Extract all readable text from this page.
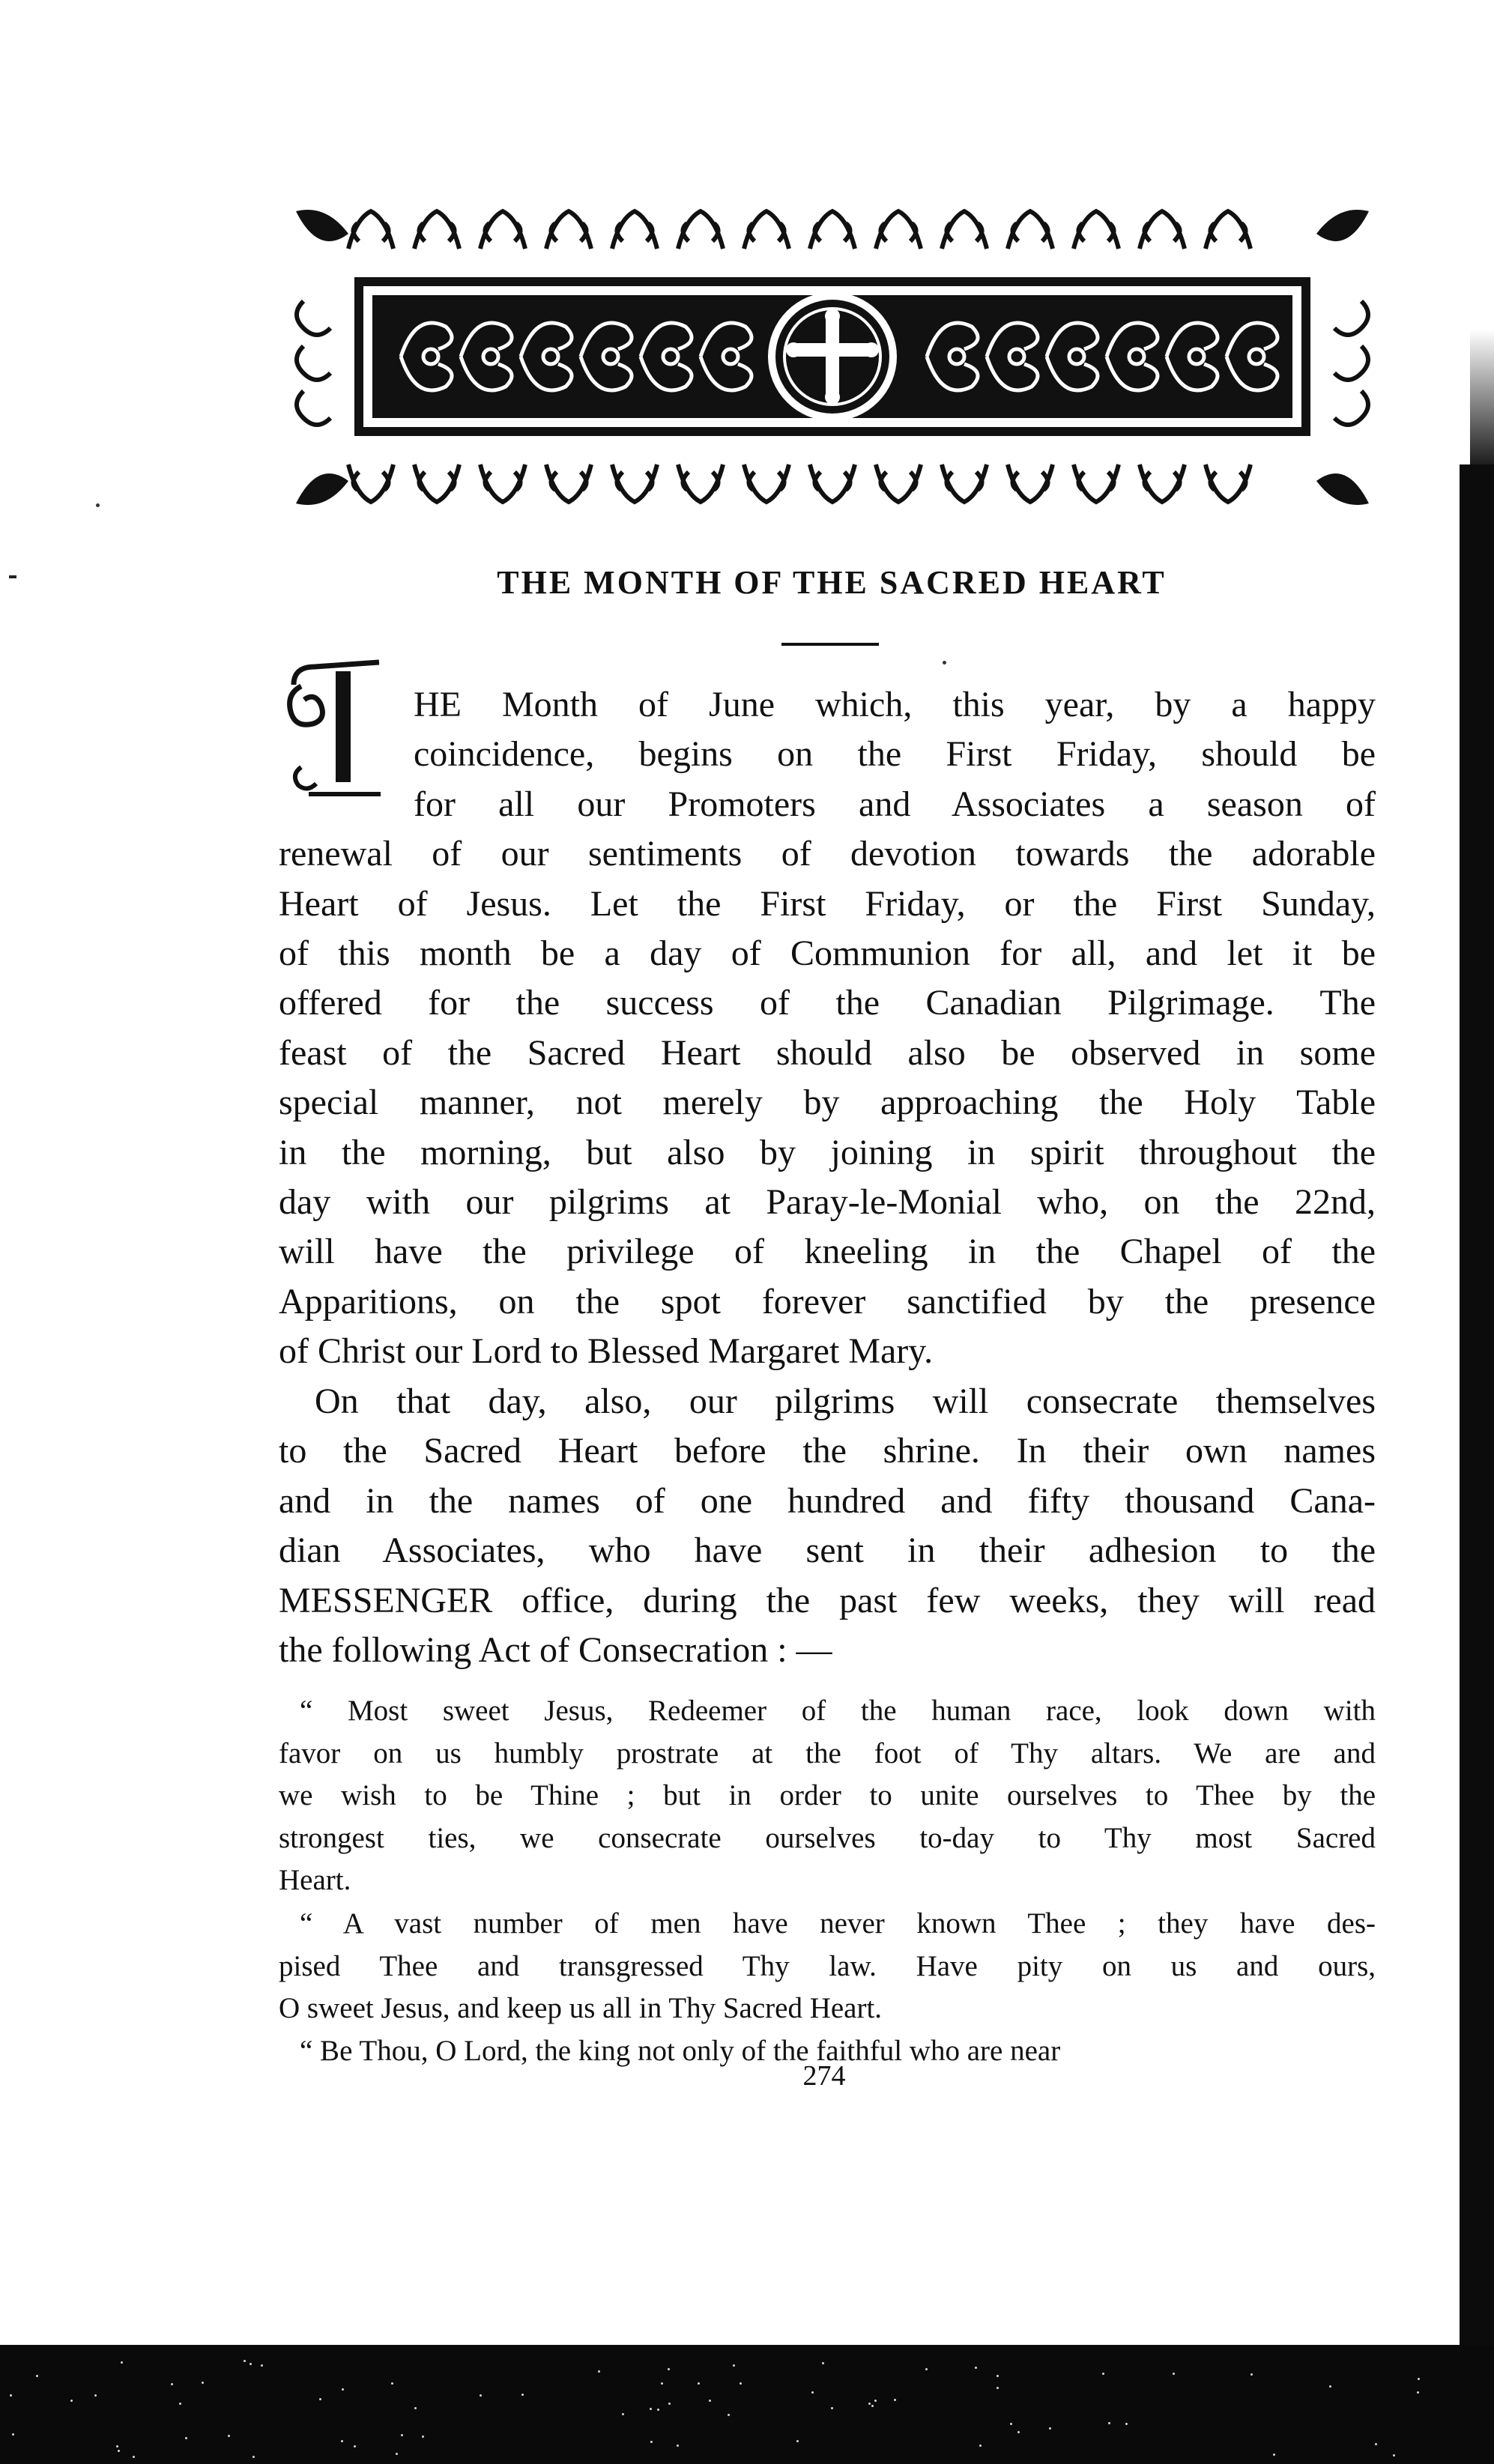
THE MONTH OF THE SACRED HEART
T
HE Month of June which, this year, by a happy
coincidence, begins on the First Friday, should be
for all our Promoters and Associates a season of
renewal of our sentiments of devotion towards the adorable
Heart of Jesus. Let the First Friday, or the First Sunday,
of this month be a day of Communion for all, and let it be
offered for the success of the Canadian Pilgrimage. The
feast of the Sacred Heart should also be observed in some
special manner, not merely by approaching the Holy Table
in the morning, but also by joining in spirit throughout the
day with our pilgrims at Paray-le-Monial who, on the 22nd,
will have the privilege of kneeling in the Chapel of the
Apparitions, on the spot forever sanctified by the presence
of Christ our Lord to Blessed Margaret Mary.
On that day, also, our pilgrims will consecrate themselves
to the Sacred Heart before the shrine. In their own names
and in the names of one hundred and fifty thousand Cana-
dian Associates, who have sent in their adhesion to the
MESSENGER office, during the past few weeks, they will read
the following Act of Consecration : —
“ Most sweet Jesus, Redeemer of the human race, look down with
favor on us humbly prostrate at the foot of Thy altars. We are and
we wish to be Thine ; but in order to unite ourselves to Thee by the
strongest ties, we consecrate ourselves to-day to Thy most Sacred
Heart.
“ A vast number of men have never known Thee ; they have des-
pised Thee and transgressed Thy law. Have pity on us and ours,
O sweet Jesus, and keep us all in Thy Sacred Heart.
“ Be Thou, O Lord, the king not only of the faithful who are near
274
